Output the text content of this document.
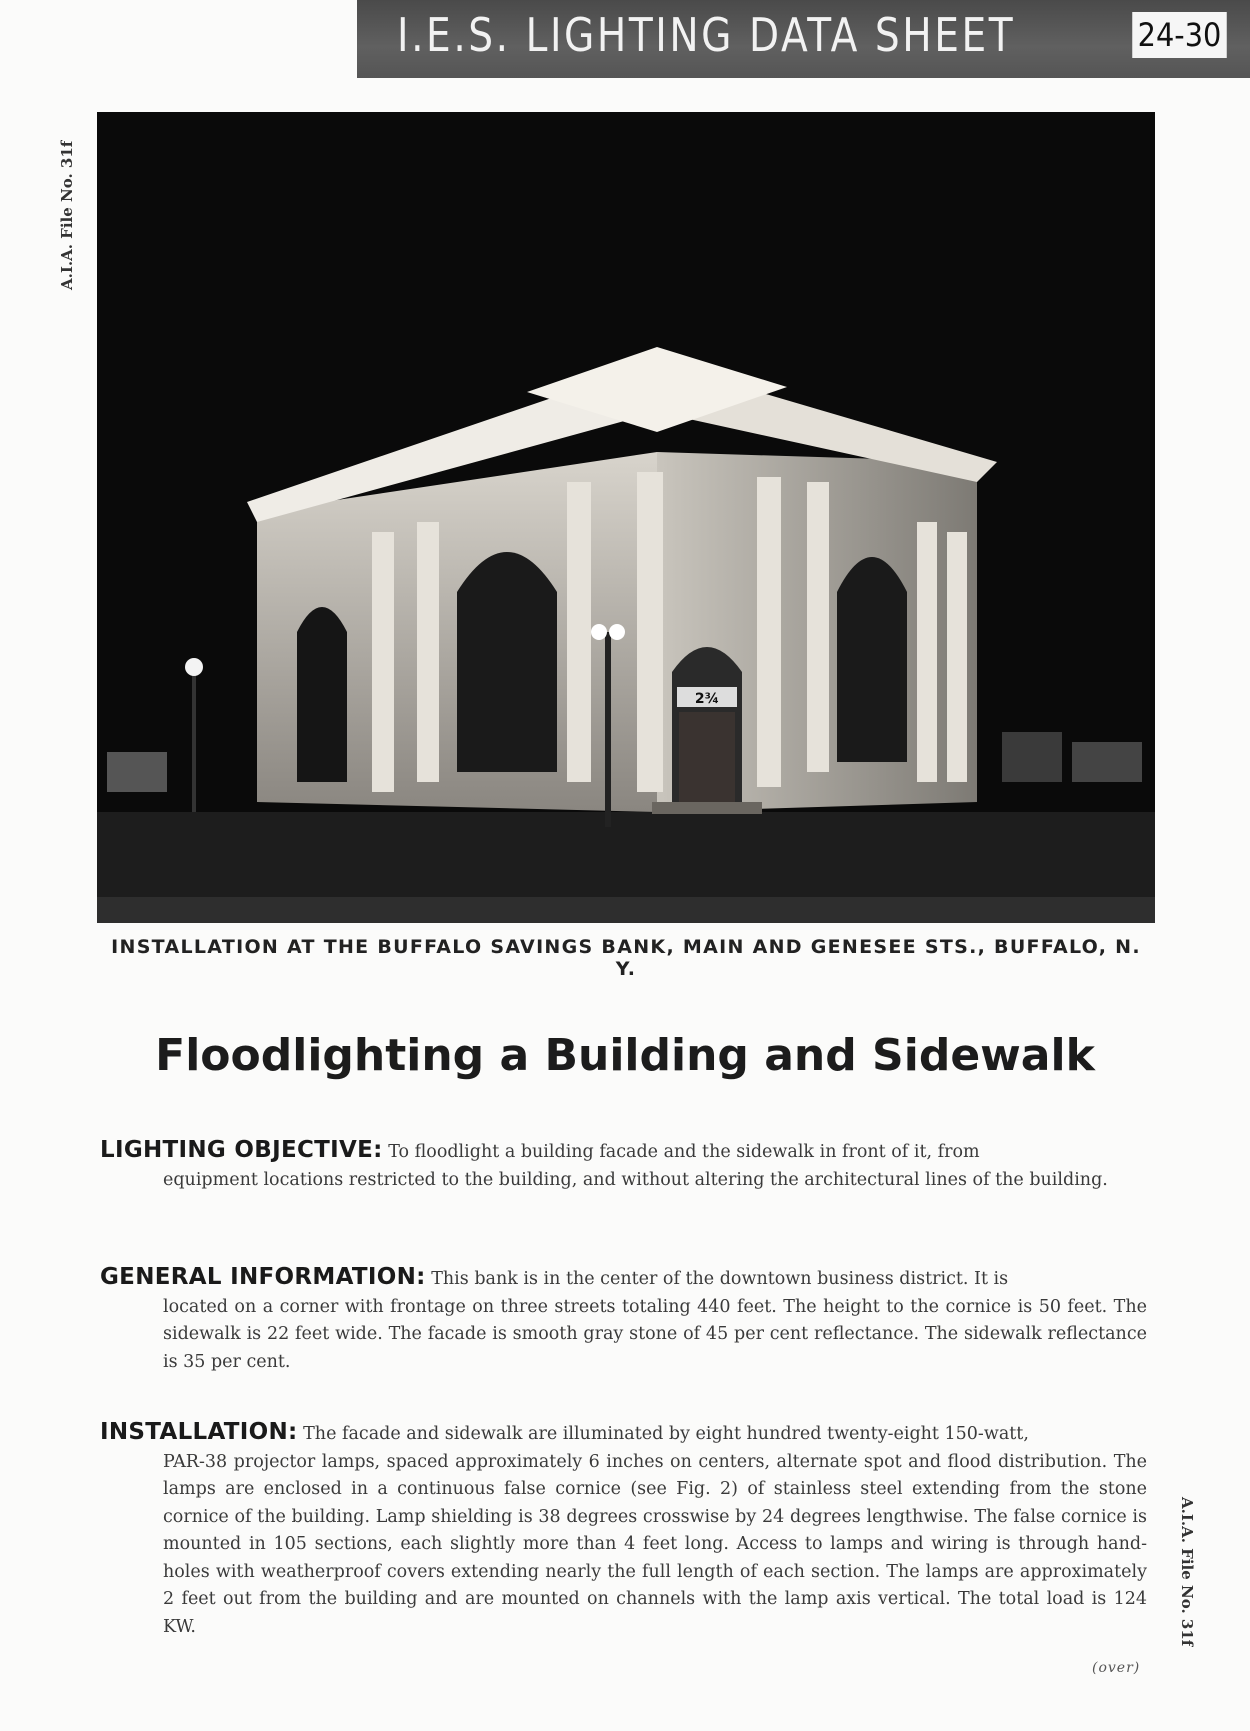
I.E.S. LIGHTING DATA SHEET	24-30
A.I.A. File No. 31f
A.I.A. File No. 31f
2¾
INSTALLATION AT THE BUFFALO SAVINGS BANK, MAIN AND GENESEE STS., BUFFALO, N. Y.
Floodlighting a Building and Sidewalk
LIGHTING OBJECTIVE: To floodlight a building facade and the sidewalk in front of it, from
equipment locations restricted to the building, and without altering the architectural lines of the building.
GENERAL INFORMATION: This bank is in the center of the downtown business district. It is
located on a corner with frontage on three streets totaling 440 feet. The height to the cornice is 50 feet. The sidewalk is 22 feet wide. The facade is smooth gray stone of 45 per cent reflectance. The sidewalk reflectance is 35 per cent.
INSTALLATION: The facade and sidewalk are illuminated by eight hundred twenty-eight 150-watt,
PAR-38 projector lamps, spaced approximately 6 inches on centers, alternate spot and flood distribution. The lamps are enclosed in a continuous false cornice (see Fig. 2) of stainless steel extending from the stone cornice of the building. Lamp shielding is 38 degrees crosswise by 24 degrees lengthwise. The false cornice is mounted in 105 sections, each slightly more than 4 feet long. Access to lamps and wiring is through hand-holes with weatherproof covers extending nearly the full length of each section. The lamps are approximately 2 feet out from the building and are mounted on channels with the lamp axis vertical. The total load is 124 KW.
(over)
